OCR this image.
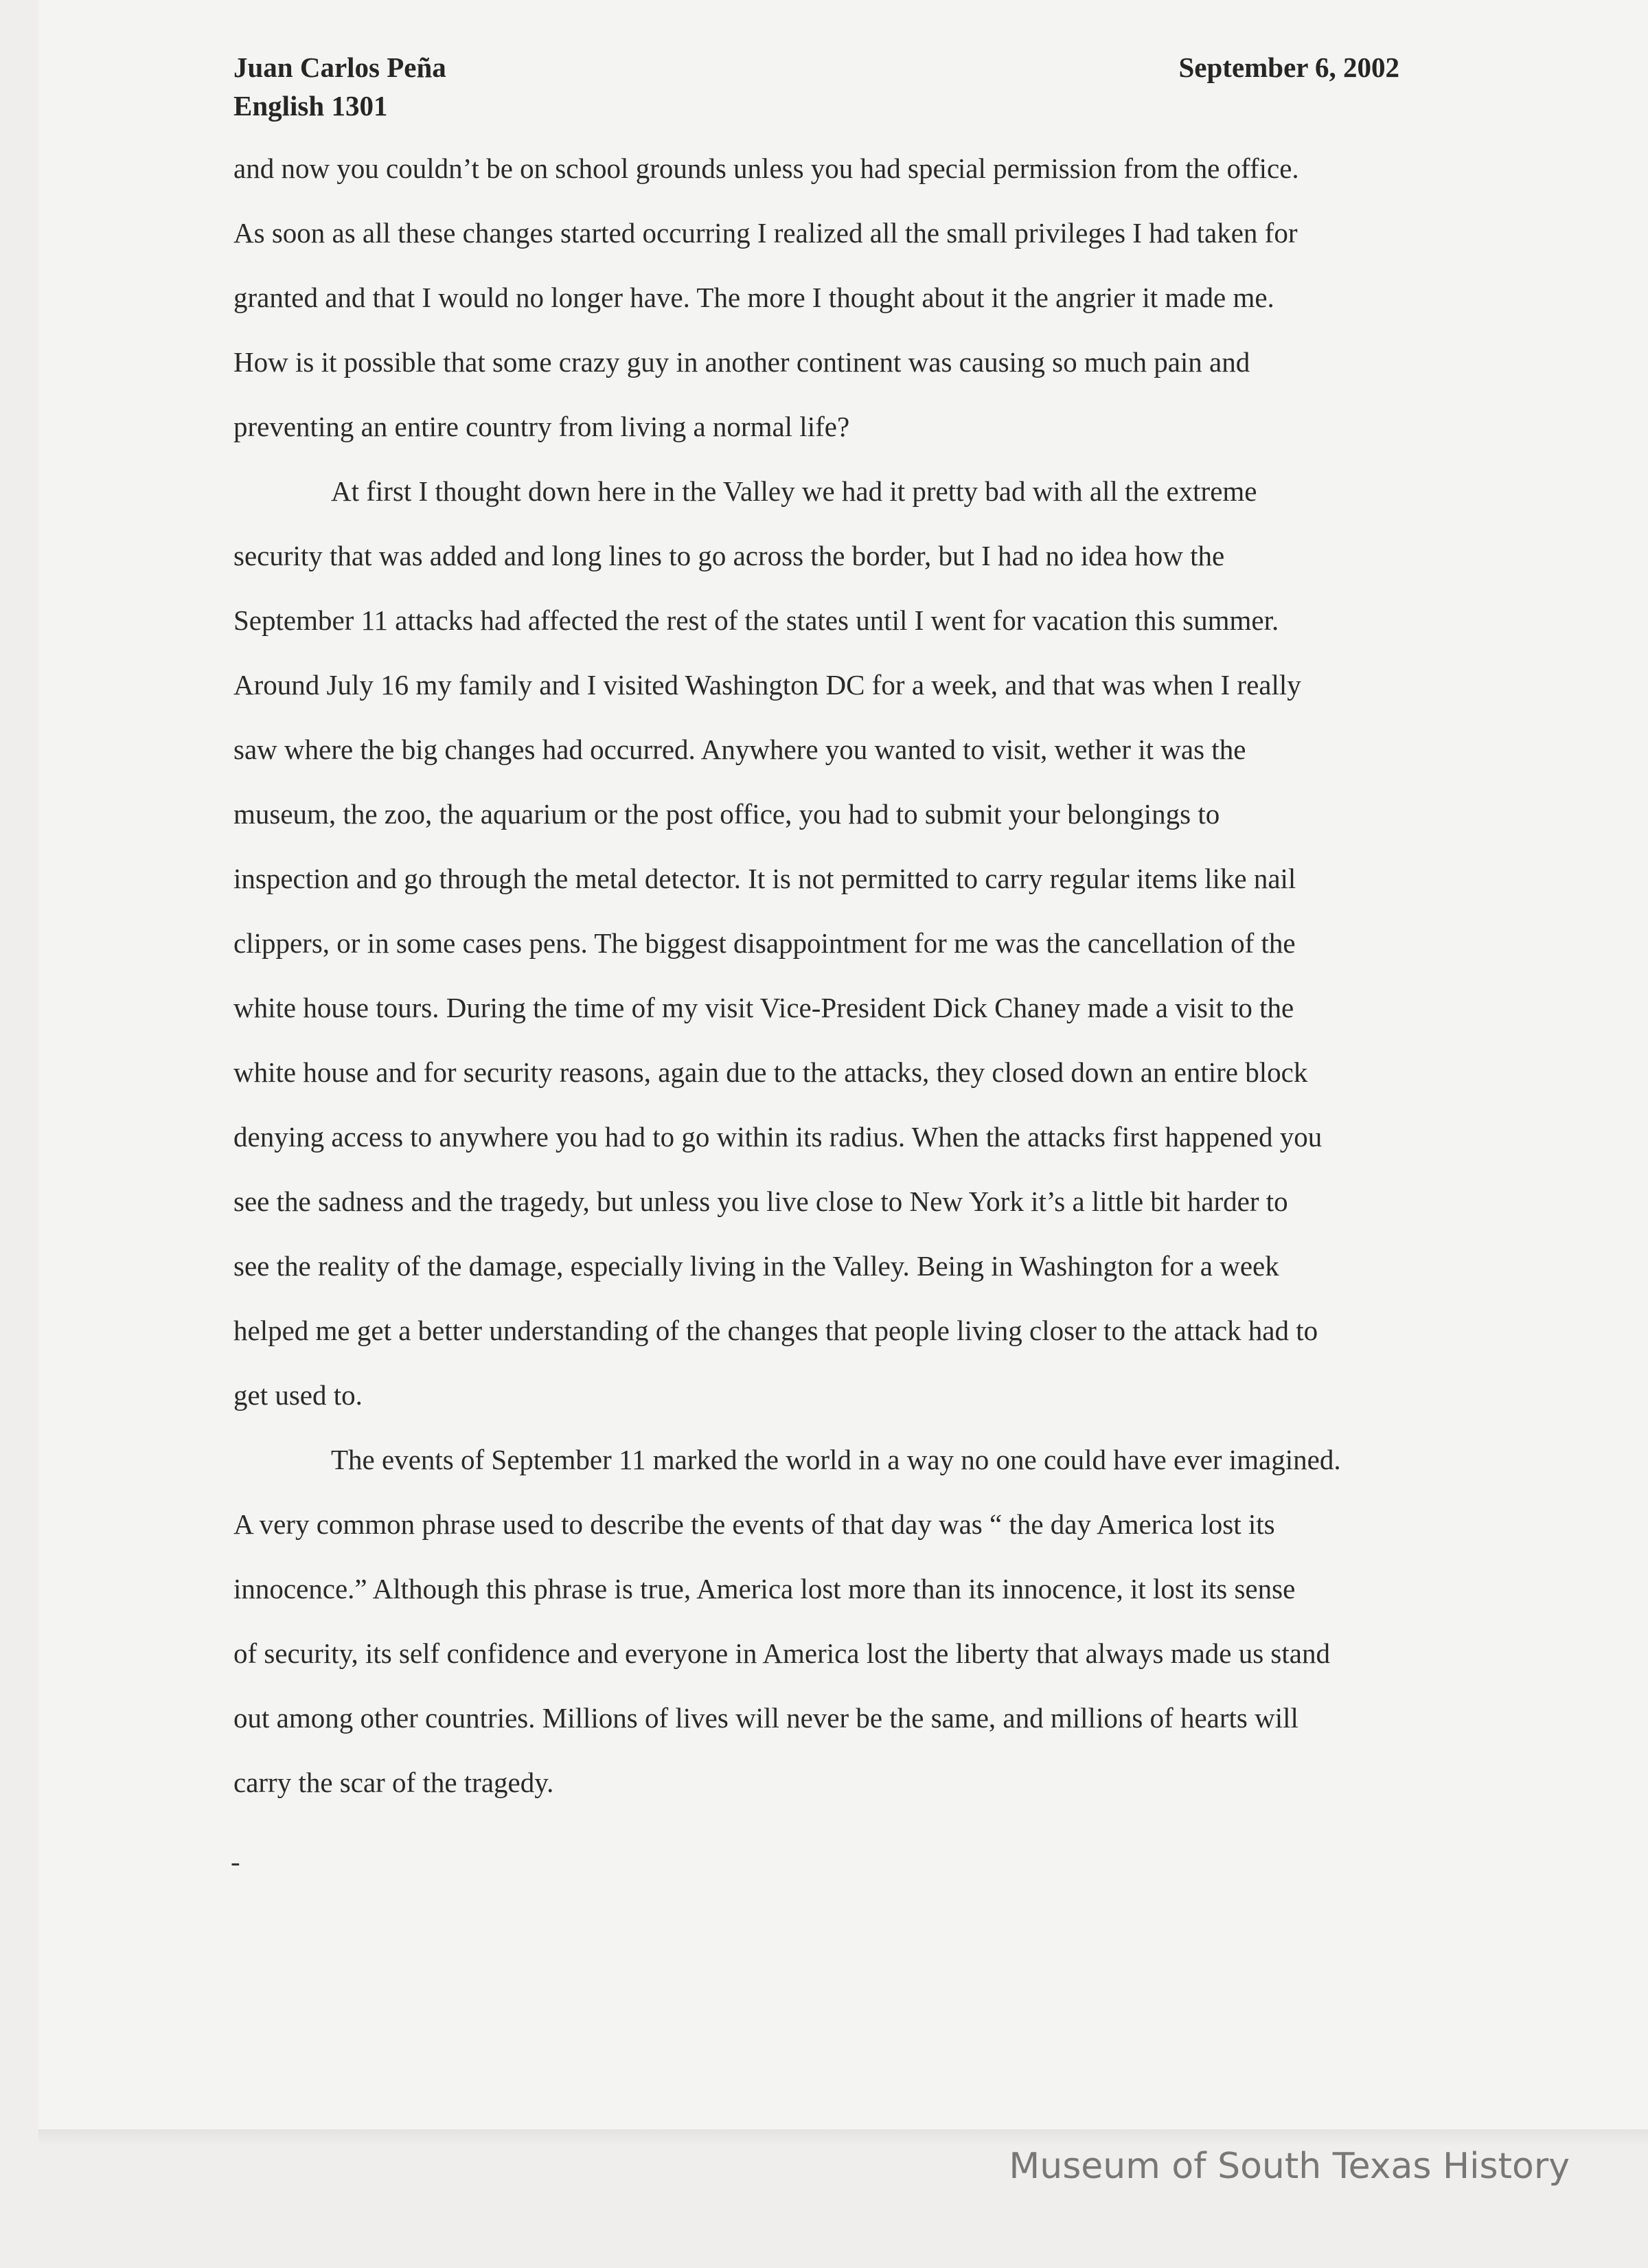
Juan Carlos Peña

English 1301

September 6, 2002

and now you couldn’t be on school grounds unless you had special permission from the office.
As soon as all these changes started occurring I realized all the small privileges I had taken for
granted and that I would no longer have. The more I thought about it the angrier it made me.
How is it possible that some crazy guy in another continent was causing so much pain and
preventing an entire country from living a normal life?
At first I thought down here in the Valley we had it pretty bad with all the extreme
security that was added and long lines to go across the border, but I had no idea how the
September 11 attacks had affected the rest of the states until I went for vacation this summer.
Around July 16 my family and I visited Washington DC for a week, and that was when I really
saw where the big changes had occurred. Anywhere you wanted to visit, wether it was the
museum, the zoo, the aquarium or the post office, you had to submit your belongings to
inspection and go through the metal detector. It is not permitted to carry regular items like nail
clippers, or in some cases pens. The biggest disappointment for me was the cancellation of the
white house tours. During the time of my visit Vice-President Dick Chaney made a visit to the
white house and for security reasons, again due to the attacks, they closed down an entire block
denying access to anywhere you had to go within its radius. When the attacks first happened you
see the sadness and the tragedy, but unless you live close to New York it’s a little bit harder to
see the reality of the damage, especially living in the Valley. Being in Washington for a week
helped me get a better understanding of the changes that people living closer to the attack had to
get used to.
The events of September 11 marked the world in a way no one could have ever imagined.
A very common phrase used to describe the events of that day was “ the day America lost its
innocence.” Although this phrase is true, America lost more than its innocence, it lost its sense
of security, its self confidence and everyone in America lost the liberty that always made us stand
out among other countries. Millions of lives will never be the same, and millions of hearts will
carry the scar of the tragedy.
-

Museum of South Texas History
